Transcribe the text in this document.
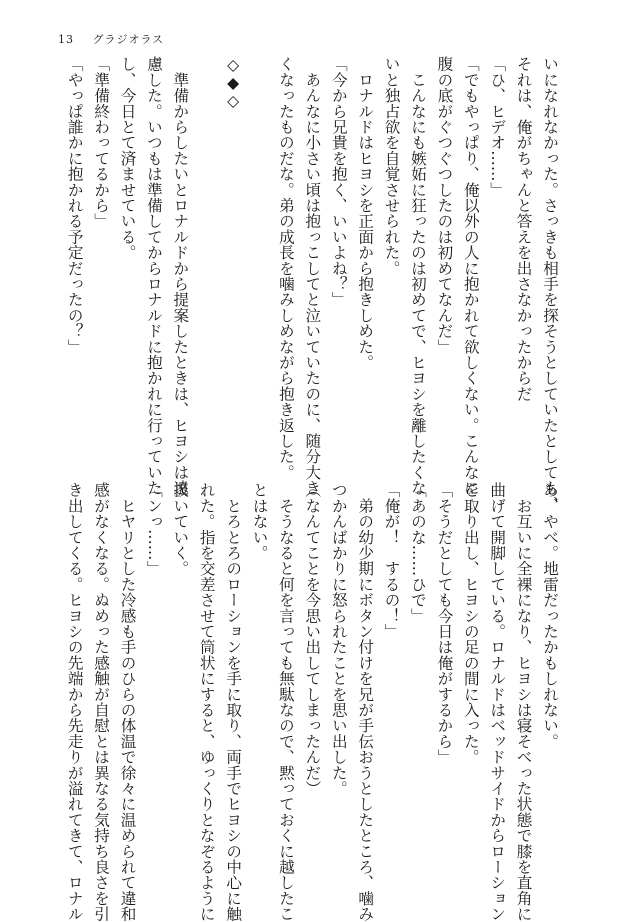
13 グラジオラス

いになれなかった。さっきも相手を探そうとしていたとしても、

それは、俺がちゃんと答えを出さなかったからだ

「ひ、ヒデオ……」

「でもやっぱり、俺以外の人に抱かれて欲しくない。こんなに

腹の底がぐつぐつしたのは初めてなんだ」

　こんなにも嫉妬に狂ったのは初めてで、ヒヨシを離したくな

いと独占欲を自覚させられた。

　ロナルドはヒヨシを正面から抱きしめた。

「今から兄貴を抱く、いいよね？」

　あんなに小さい頃は抱っこしてと泣いていたのに、随分大き

くなったものだな。弟の成長を噛みしめながら抱き返した。

◇◆◇

　準備からしたいとロナルドから提案したときは、ヒヨシは遠

慮した。いつもは準備してからロナルドに抱かれに行っていた

し、今日とて済ませている。

「準備終わってるから」

「やっぱ誰かに抱かれる予定だったの？」

あ、やべ。地雷だったかもしれない。

　お互いに全裸になり、ヒヨシは寝そべった状態で膝を直角に

曲げて開脚している。ロナルドはベッドサイドからローション

を取り出し、ヒヨシの足の間に入った。

「そうだとしても今日は俺がするから」

「あのな……ひで」

「俺が！　するの！」

　弟の幼少期にボタン付けを兄が手伝おうとしたところ、噛み

つかんばかりに怒られたことを思い出した。

（なんてことを今思い出してしまったんだ）

　そうなると何を言っても無駄なので、黙っておくに越したこ

とはない。

　とろとろのローションを手に取り、両手でヒヨシの中心に触

れた。指を交差させて筒状にすると、ゆっくりとなぞるように

扱いていく。

「ンっ……」

　ヒヤリとした冷感も手のひらの体温で徐々に温められて違和

感がなくなる。ぬめった感触が自慰とは異なる気持ち良さを引

き出してくる。ヒヨシの先端から先走りが溢れてきて、ロナル
